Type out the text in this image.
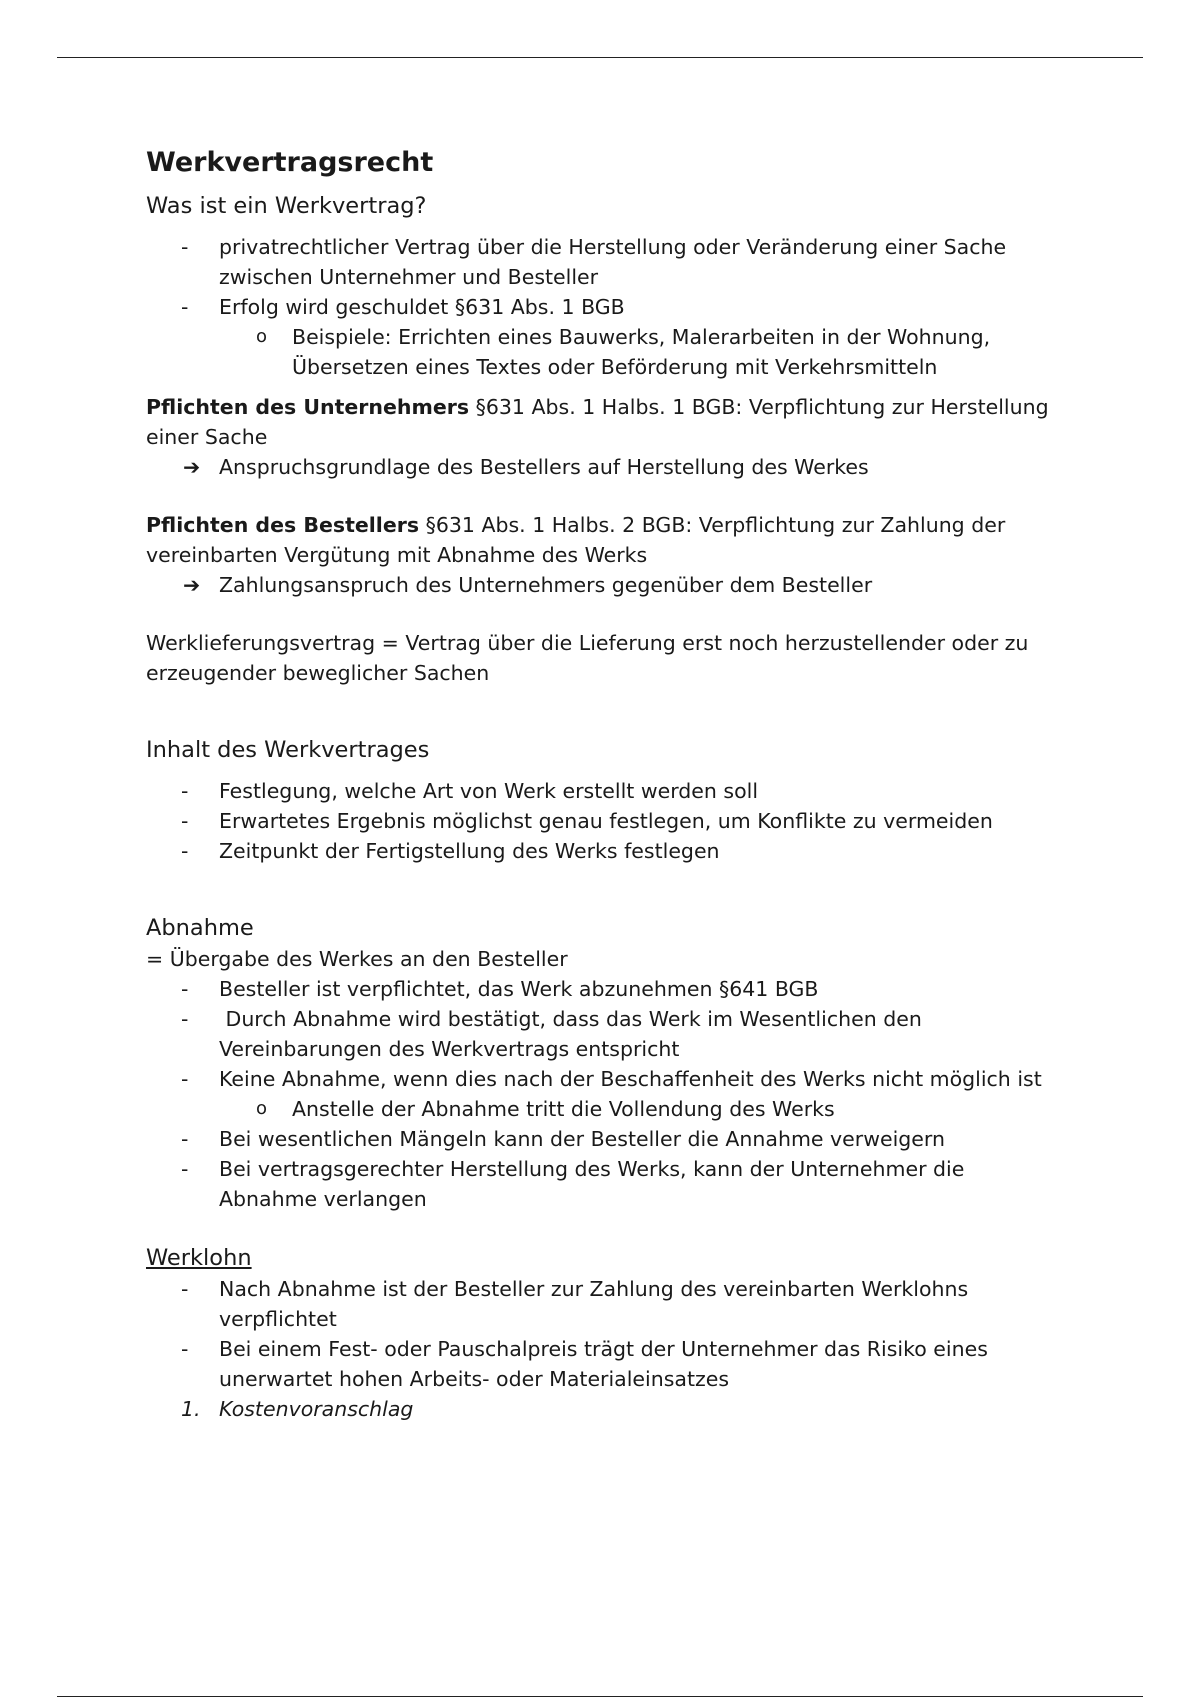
Werkvertragsrecht
Was ist ein Werkvertrag?
- privatrechtlicher Vertrag über die Herstellung oder Veränderung einer Sache zwischen Unternehmer und Besteller
- Erfolg wird geschuldet §631 Abs. 1 BGB
o Beispiele: Errichten eines Bauwerks, Malerarbeiten in der Wohnung, Übersetzen eines Textes oder Beförderung mit Verkehrsmitteln

Pflichten des Unternehmers §631 Abs. 1 Halbs. 1 BGB: Verpflichtung zur Herstellung einer Sache

➔ Anspruchsgrundlage des Bestellers auf Herstellung des Werkes

Pflichten des Bestellers §631 Abs. 1 Halbs. 2 BGB: Verpflichtung zur Zahlung der vereinbarten Vergütung mit Abnahme des Werks

➔ Zahlungsanspruch des Unternehmers gegenüber dem Besteller

Werklieferungsvertrag = Vertrag über die Lieferung erst noch herzustellender oder zu erzeugender beweglicher Sachen

Inhalt des Werkvertrages
- Festlegung, welche Art von Werk erstellt werden soll
- Erwartetes Ergebnis möglichst genau festlegen, um Konflikte zu vermeiden
- Zeitpunkt der Fertigstellung des Werks festlegen
Abnahme

= Übergabe des Werkes an den Besteller

- Besteller ist verpflichtet, das Werk abzunehmen §641 BGB
- Durch Abnahme wird bestätigt, dass das Werk im Wesentlichen den Vereinbarungen des Werkvertrags entspricht
- Keine Abnahme, wenn dies nach der Beschaffenheit des Werks nicht möglich ist
o Anstelle der Abnahme tritt die Vollendung des Werks
- Bei wesentlichen Mängeln kann der Besteller die Annahme verweigern
- Bei vertragsgerechter Herstellung des Werks, kann der Unternehmer die Abnahme verlangen
Werklohn
- Nach Abnahme ist der Besteller zur Zahlung des vereinbarten Werklohns verpflichtet
- Bei einem Fest- oder Pauschalpreis trägt der Unternehmer das Risiko eines unerwartet hohen Arbeits- oder Materialeinsatzes
1. Kostenvoranschlag
